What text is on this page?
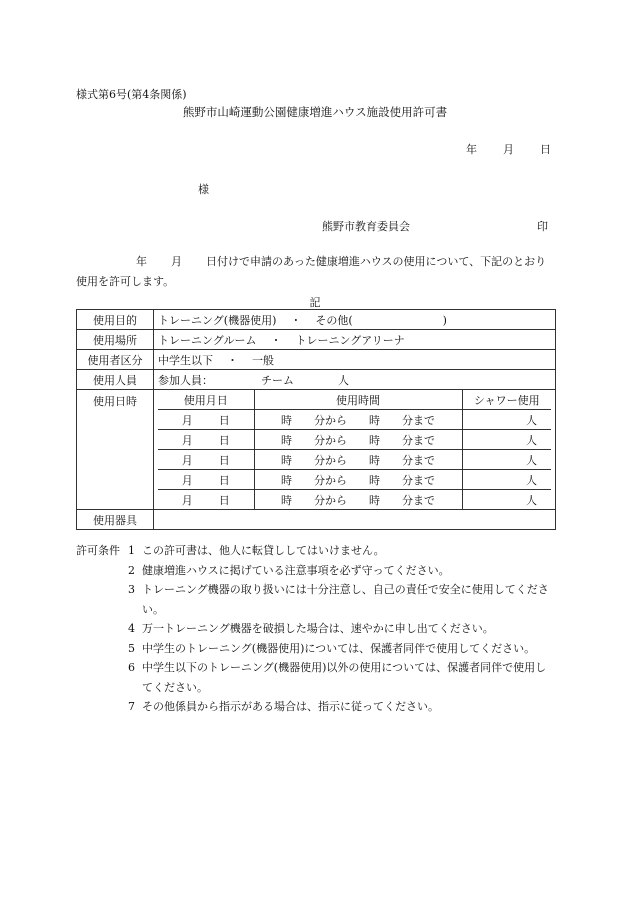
様式第6号(第4条関係)
熊野市山崎運動公園健康増進ハウス施設使用許可書
年 月 日
様
熊野市教育委員会	印
年 月 日付けで申請のあった健康増進ハウスの使用について、下記のとおり使用を許可します。
記
使用目的	トレーニング(機器使用) ・ その他(	)
使用場所	トレーニングルーム ・ トレーニングアリーナ
使用者区分	中学生以下 ・ 一般
使用人員	参加人員：	チーム	人
使用日時		使用月日	使用時間	シャワー使用
月 日	時 分から 時 分まで	人
月 日	時 分から 時 分まで	人
月 日	時 分から 時 分まで	人
月 日	時 分から 時 分まで	人
月 日	時 分から 時 分まで	人

使用器具	
許可条件 1 この許可書は、他人に転貸ししてはいけません。
2 健康増進ハウスに掲げている注意事項を必ず守ってください。
3 トレーニング機器の取り扱いには十分注意し、自己の責任で安全に使用してください。
4 万一トレーニング機器を破損した場合は、速やかに申し出てください。
5 中学生のトレーニング(機器使用)については、保護者同伴で使用してください。
6 中学生以下のトレーニング(機器使用)以外の使用については、保護者同伴で使用してください。
7 その他係員から指示がある場合は、指示に従ってください。
